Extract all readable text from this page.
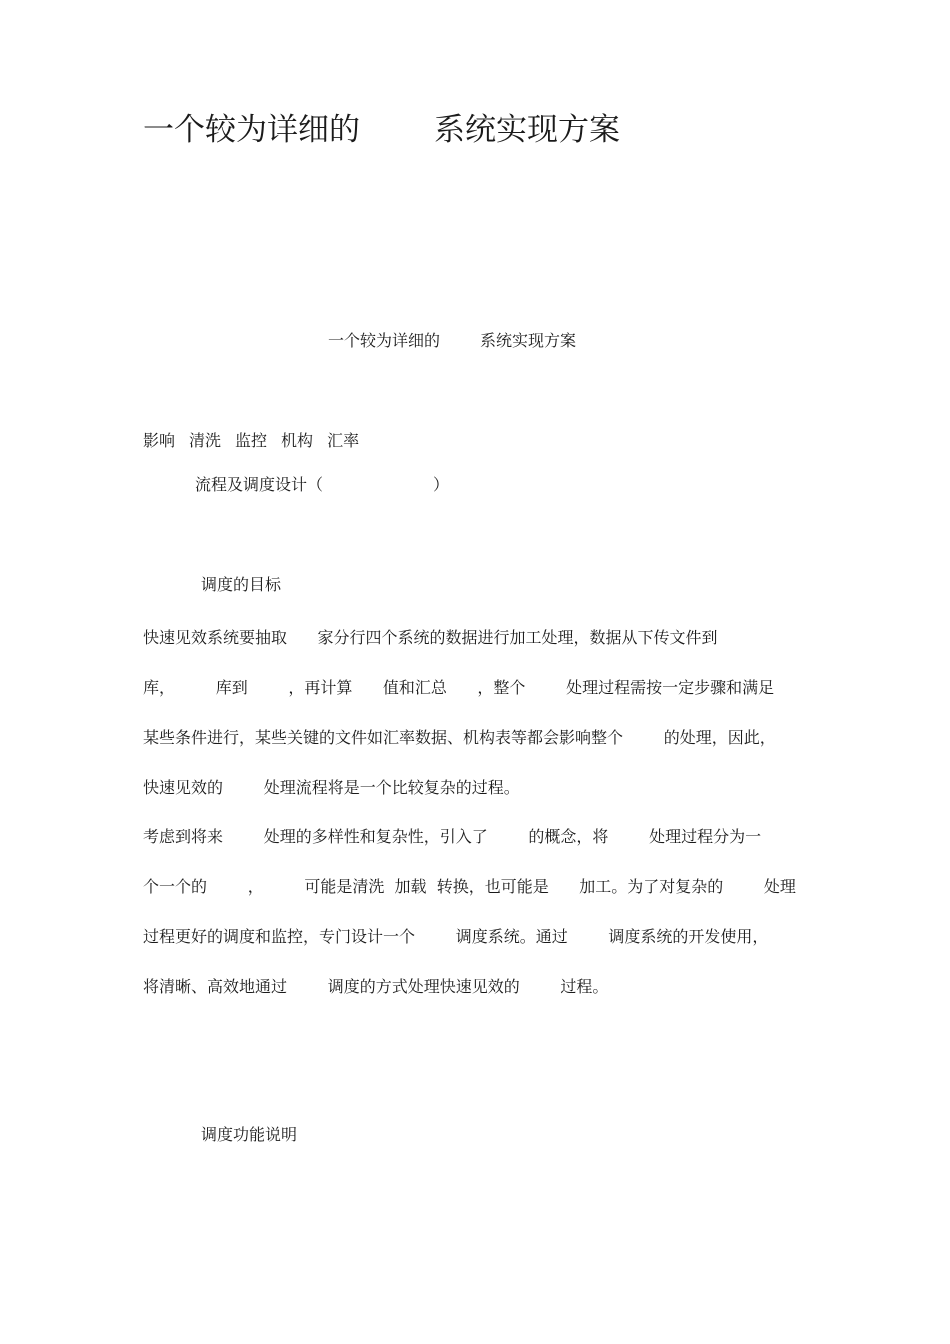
一个较为详细的 系统实现方案
一个较为详细的	系统实现方案
影响 清洗 监控 机构 汇率
流程及调度设计（	）
调度的目标
快速见效系统要抽取      家分行四个系统的数据进行加工处理，数据从下传文件到
库，        库到        ，再计算      值和汇总      ，整个        处理过程需按一定步骤和满足
某些条件进行，某些关键的文件如汇率数据、机构表等都会影响整个        的处理，因此，
快速见效的        处理流程将是一个比较复杂的过程。
考虑到将来        处理的多样性和复杂性，引入了        的概念，将        处理过程分为一
个一个的        ，        可能是清洗  加载  转换，也可能是      加工。为了对复杂的        处理
过程更好的调度和监控，专门设计一个        调度系统。通过        调度系统的开发使用，
将清晰、高效地通过        调度的方式处理快速见效的        过程。
调度功能说明
